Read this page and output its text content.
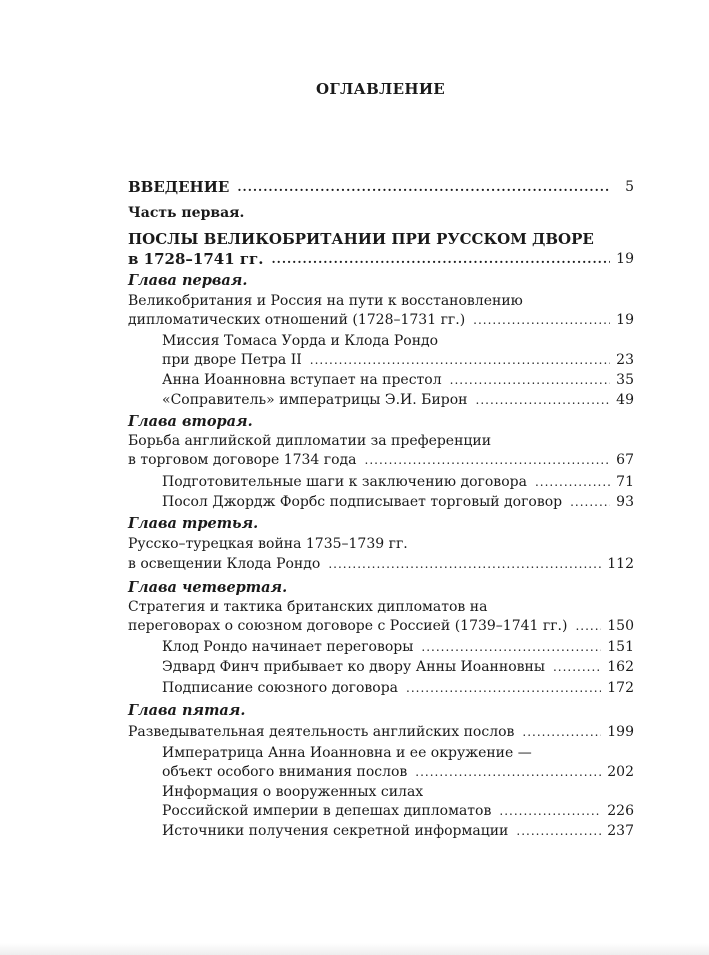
ОГЛАВЛЕНИЕ
ВВЕДЕНИЕ .....	5
Часть первая.
ПОСЛЫ ВЕЛИКОБРИТАНИИ ПРИ РУССКОМ ДВОРЕ
в 1728–1741 гг. .....	19
Глава первая.
Великобритания и Россия на пути к восстановлению
дипломатических отношений (1728–1731 гг.) .....	19
Миссия Томаса Уорда и Клода Рондо
при дворе Петра II .....	23
Анна Иоанновна вступает на престол .....	35
«Соправитель» императрицы Э.И. Бирон .....	49
Глава вторая.
Борьба английской дипломатии за преференции
в торговом договоре 1734 года .....	67
Подготовительные шаги к заключению договора .....	71
Посол Джордж Форбс подписывает торговый договор .....	93
Глава третья.
Русско–турецкая война 1735–1739 гг.
в освещении Клода Рондо .....	112
Глава четвертая.
Стратегия и тактика британских дипломатов на
переговорах о союзном договоре с Россией (1739–1741 гг.) .....	150
Клод Рондо начинает переговоры .....	151
Эдвард Финч прибывает ко двору Анны Иоанновны .....	162
Подписание союзного договора .....	172
Глава пятая.
Разведывательная деятельность английских послов .....	199
Императрица Анна Иоанновна и ее окружение —
объект особого внимания послов .....	202
Информация о вооруженных силах
Российской империи в депешах дипломатов .....	226
Источники получения секретной информации .....	237
